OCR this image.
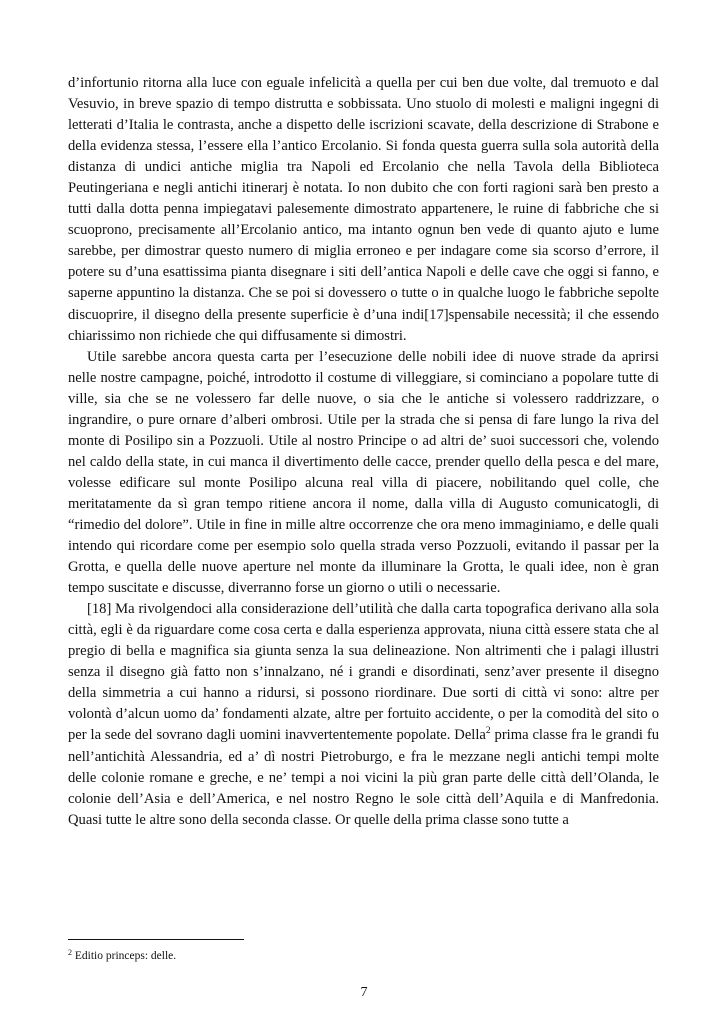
d’infortunio ritorna alla luce con eguale infelicità a quella per cui ben due volte, dal tremuoto e dal Vesuvio, in breve spazio di tempo distrutta e sobbissata. Uno stuolo di molesti e maligni ingegni di letterati d’Italia le contrasta, anche a dispetto delle iscrizioni scavate, della descrizione di Strabone e della evidenza stessa, l’essere ella l’antico Ercolanio. Si fonda questa guerra sulla sola autorità della distanza di undici antiche miglia tra Napoli ed Ercolanio che nella Tavola della Biblioteca Peutingeriana e negli antichi itinerarj è notata. Io non dubito che con forti ragioni sarà ben presto a tutti dalla dotta penna impiegatavi palesemente dimostrato appartenere, le ruine di fabbriche che si scuoprono, precisamente all’Ercolanio antico, ma intanto ognun ben vede di quanto ajuto e lume sarebbe, per dimostrar questo numero di miglia erroneo e per indagare come sia scorso d’errore, il potere su d’una esattissima pianta disegnare i siti dell’antica Napoli e delle cave che oggi si fanno, e saperne appuntino la distanza. Che se poi si dovessero o tutte o in qualche luogo le fabbriche sepolte discuoprire, il disegno della presente superficie è d’una indi[17]spensabile necessità; il che essendo chiarissimo non richiede che qui diffusamente si dimostri.

Utile sarebbe ancora questa carta per l’esecuzione delle nobili idee di nuove strade da aprirsi nelle nostre campagne, poiché, introdotto il costume di villeggiare, si cominciano a popolare tutte di ville, sia che se ne volessero far delle nuove, o sia che le antiche si volessero raddrizzare, o ingrandire, o pure ornare d’alberi ombrosi. Utile per la strada che si pensa di fare lungo la riva del monte di Posilipo sin a Pozzuoli. Utile al nostro Principe o ad altri de’ suoi successori che, volendo nel caldo della state, in cui manca il divertimento delle cacce, prender quello della pesca e del mare, volesse edificare sul monte Posilipo alcuna real villa di piacere, nobilitando quel colle, che meritatamente da sì gran tempo ritiene ancora il nome, dalla villa di Augusto comunicatogli, di “rimedio del dolore”. Utile in fine in mille altre occorrenze che ora meno immaginiamo, e delle quali intendo qui ricordare come per esempio solo quella strada verso Pozzuoli, evitando il passar per la Grotta, e quella delle nuove aperture nel monte da illuminare la Grotta, le quali idee, non è gran tempo suscitate e discusse, diverranno forse un giorno o utili o necessarie.

[18] Ma rivolgendoci alla considerazione dell’utilità che dalla carta topografica derivano alla sola città, egli è da riguardare come cosa certa e dalla esperienza approvata, niuna città essere stata che al pregio di bella e magnifica sia giunta senza la sua delineazione. Non altrimenti che i palagi illustri senza il disegno già fatto non s’innalzano, né i grandi e disordinati, senz’aver presente il disegno della simmetria a cui hanno a ridursi, si possono riordinare. Due sorti di città vi sono: altre per volontà d’alcun uomo da’ fondamenti alzate, altre per fortuito accidente, o per la comodità del sito o per la sede del sovrano dagli uomini inavvertentemente popolate. Della$^2$ prima classe fra le grandi fu nell’antichità Alessandria, ed a’ dì nostri Pietroburgo, e fra le mezzane negli antichi tempi molte delle colonie romane e greche, e ne’ tempi a noi vicini la più gran parte delle città dell’Olanda, le colonie dell’Asia e dell’America, e nel nostro Regno le sole città dell’Aquila e di Manfredonia. Quasi tutte le altre sono della seconda classe. Or quelle della prima classe sono tutte a

$^2$ Editio princeps: delle.
7
